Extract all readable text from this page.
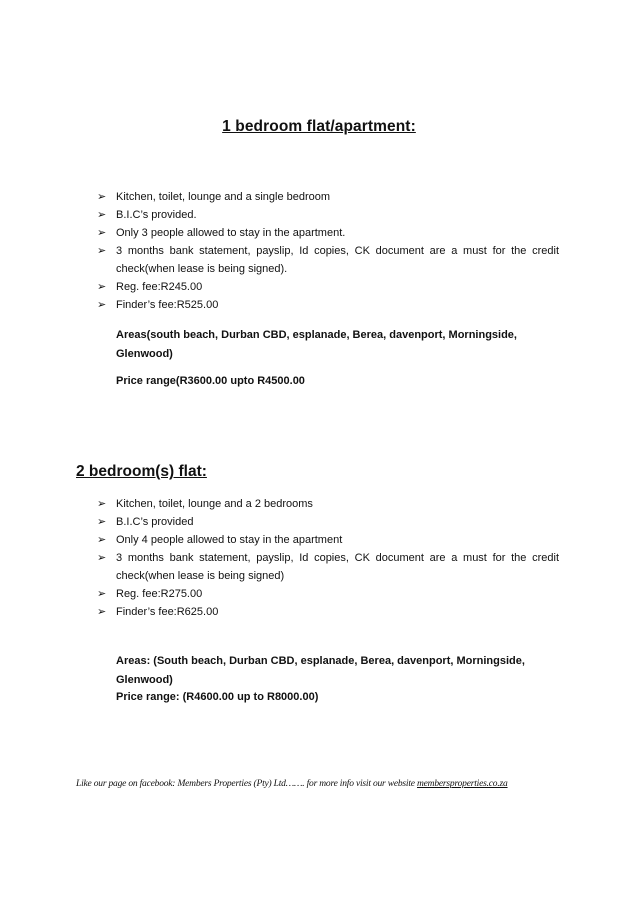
1 bedroom flat/apartment:
➢ Kitchen, toilet, lounge and a single bedroom
➢ B.I.C’s provided.
➢ Only 3 people allowed to stay in the apartment.
➢ 3 months bank statement, payslip, Id copies, CK document are a must for the credit check(when lease is being signed).
➢ Reg. fee:R245.00
➢ Finder’s fee:R525.00
Areas(south beach, Durban CBD, esplanade, Berea, davenport, Morningside, Glenwood)
Price range(R3600.00 upto R4500.00
2 bedroom(s) flat:
➢ Kitchen, toilet, lounge and a 2 bedrooms
➢ B.I.C’s provided
➢ Only 4 people allowed to stay in the apartment
➢ 3 months bank statement, payslip, Id copies, CK document are a must for the credit check(when lease is being signed)
➢ Reg. fee:R275.00
➢ Finder’s fee:R625.00
Areas: (South beach, Durban CBD, esplanade, Berea, davenport, Morningside, Glenwood)
Price range: (R4600.00 up to R8000.00)
Like our page on facebook: Members Properties (Pty) Ltd……. for more info visit our website membersproperties.co.za
